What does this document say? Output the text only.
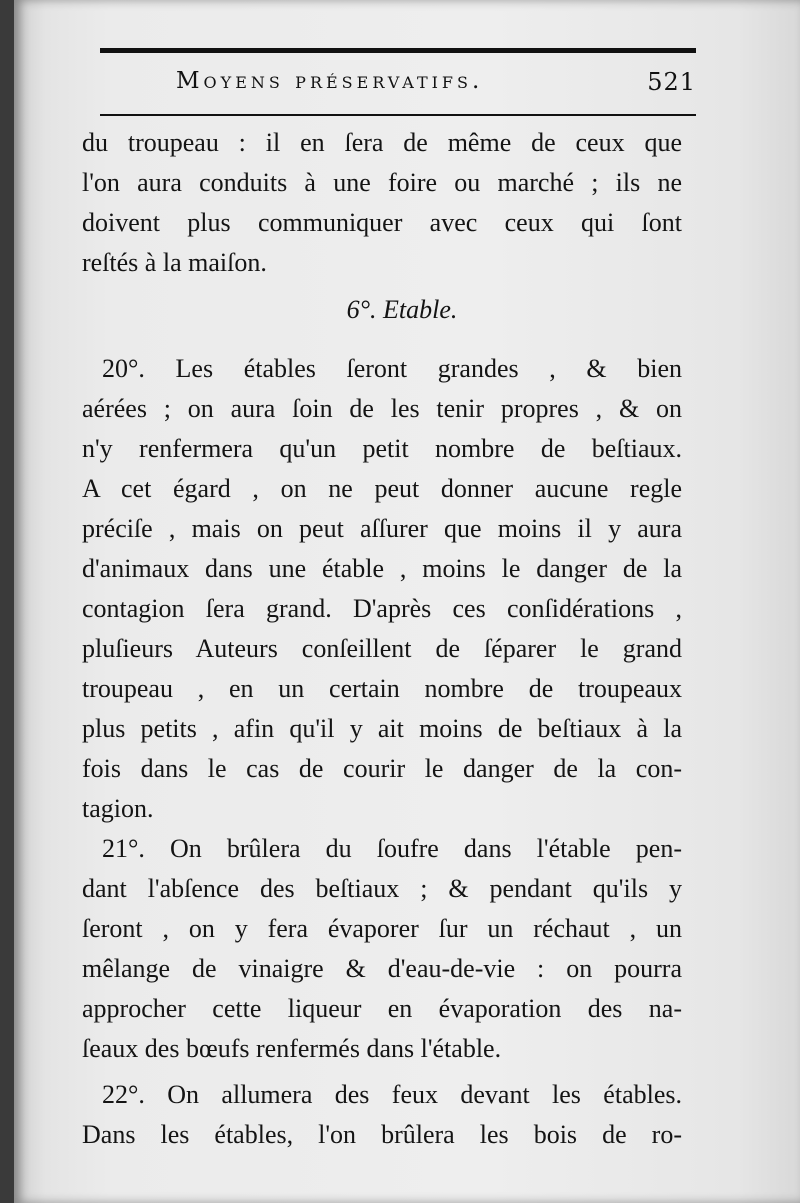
Moyens préservatifs.	521
du troupeau : il en ſera de même de ceux que
l'on aura conduits à une foire ou marché ; ils ne
doivent plus communiquer avec ceux qui ſont
reſtés à la maiſon.
6°. Etable.
20°. Les étables ſeront grandes , & bien
aérées ; on aura ſoin de les tenir propres , & on
n'y renfermera qu'un petit nombre de beſtiaux.
A cet égard , on ne peut donner aucune regle
préciſe , mais on peut aſſurer que moins il y aura
d'animaux dans une étable , moins le danger de la
contagion ſera grand. D'après ces conſidérations ,
pluſieurs Auteurs conſeillent de ſéparer le grand
troupeau , en un certain nombre de troupeaux
plus petits , afin qu'il y ait moins de beſtiaux à la
fois dans le cas de courir le danger de la con-
tagion.
21°. On brûlera du ſoufre dans l'étable pen-
dant l'abſence des beſtiaux ; & pendant qu'ils y
ſeront , on y fera évaporer ſur un réchaut , un
mêlange de vinaigre & d'eau-de-vie : on pourra
approcher cette liqueur en évaporation des na-
ſeaux des bœufs renfermés dans l'étable.
22°. On allumera des feux devant les étables.
Dans les étables, l'on brûlera les bois de ro-
